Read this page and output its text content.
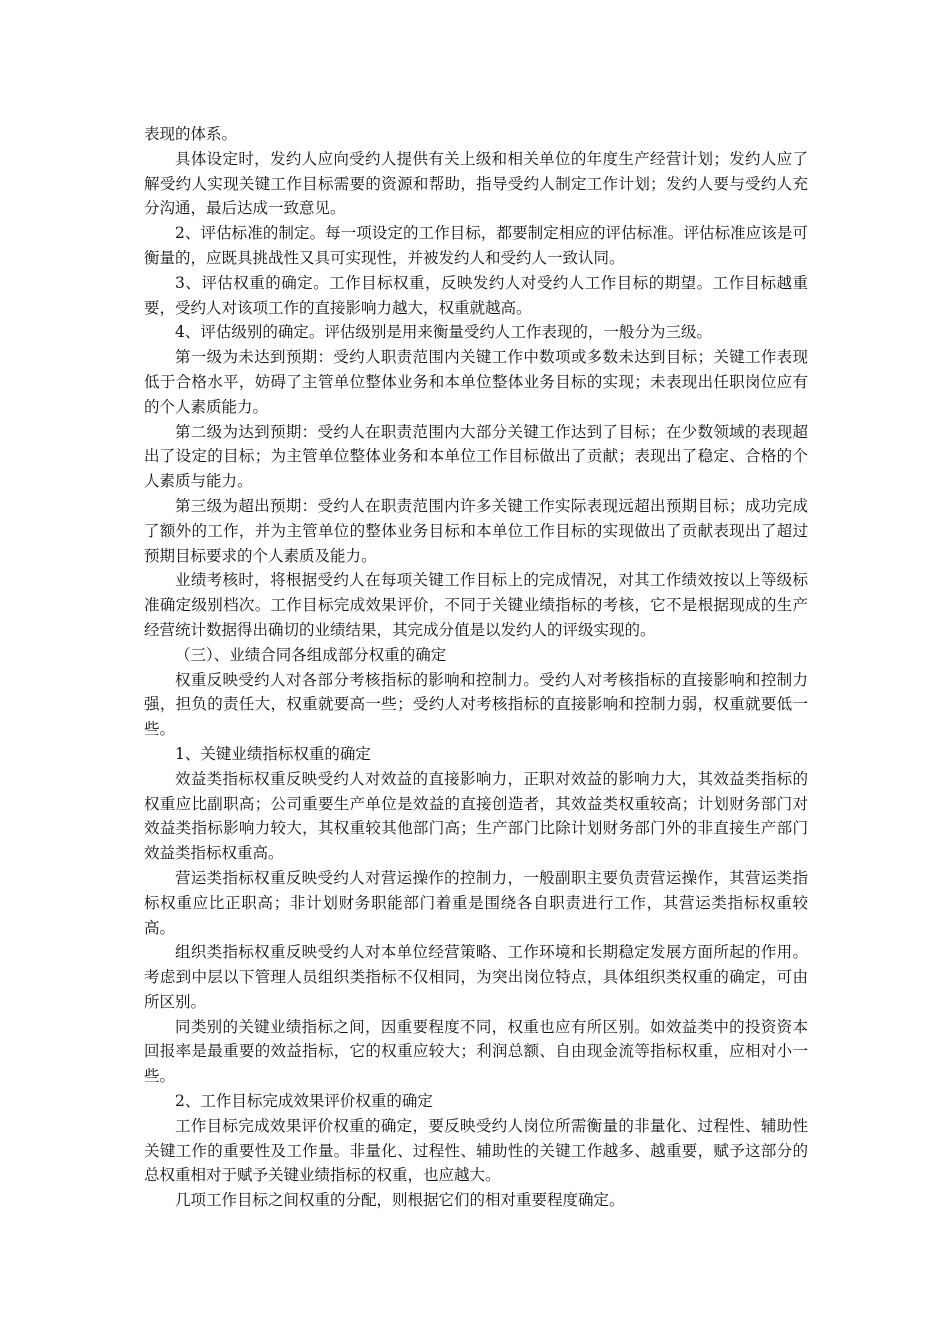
表现的体系。

具体设定时，发约人应向受约人提供有关上级和相关单位的年度生产经营计划；发约人应了解受约人实现关键工作目标需要的资源和帮助，指导受约人制定工作计划；发约人要与受约人充分沟通，最后达成一致意见。

2、评估标准的制定。每一项设定的工作目标，都要制定相应的评估标准。评估标准应该是可衡量的，应既具挑战性又具可实现性，并被发约人和受约人一致认同。

3、评估权重的确定。工作目标权重，反映发约人对受约人工作目标的期望。工作目标越重要，受约人对该项工作的直接影响力越大，权重就越高。

4、评估级别的确定。评估级别是用来衡量受约人工作表现的，一般分为三级。

第一级为未达到预期：受约人职责范围内关键工作中数项或多数未达到目标；关键工作表现低于合格水平，妨碍了主管单位整体业务和本单位整体业务目标的实现；未表现出任职岗位应有的个人素质能力。

第二级为达到预期：受约人在职责范围内大部分关键工作达到了目标；在少数领域的表现超出了设定的目标；为主管单位整体业务和本单位工作目标做出了贡献；表现出了稳定、合格的个人素质与能力。

第三级为超出预期：受约人在职责范围内许多关键工作实际表现远超出预期目标；成功完成了额外的工作，并为主管单位的整体业务目标和本单位工作目标的实现做出了贡献表现出了超过预期目标要求的个人素质及能力。

业绩考核时，将根据受约人在每项关键工作目标上的完成情况，对其工作绩效按以上等级标准确定级别档次。工作目标完成效果评价，不同于关键业绩指标的考核，它不是根据现成的生产经营统计数据得出确切的业绩结果，其完成分值是以发约人的评级实现的。

（三）、业绩合同各组成部分权重的确定

权重反映受约人对各部分考核指标的影响和控制力。受约人对考核指标的直接影响和控制力强，担负的责任大，权重就要高一些；受约人对考核指标的直接影响和控制力弱，权重就要低一些。

1、关键业绩指标权重的确定

效益类指标权重反映受约人对效益的直接影响力，正职对效益的影响力大，其效益类指标的权重应比副职高；公司重要生产单位是效益的直接创造者，其效益类权重较高；计划财务部门对效益类指标影响力较大，其权重较其他部门高；生产部门比除计划财务部门外的非直接生产部门效益类指标权重高。

营运类指标权重反映受约人对营运操作的控制力，一般副职主要负责营运操作，其营运类指标权重应比正职高；非计划财务职能部门着重是围绕各自职责进行工作，其营运类指标权重较高。

组织类指标权重反映受约人对本单位经营策略、工作环境和长期稳定发展方面所起的作用。考虑到中层以下管理人员组织类指标不仅相同，为突出岗位特点，具体组织类权重的确定，可由所区别。

同类别的关键业绩指标之间，因重要程度不同，权重也应有所区别。如效益类中的投资资本回报率是最重要的效益指标，它的权重应较大；利润总额、自由现金流等指标权重，应相对小一些。

2、工作目标完成效果评价权重的确定

工作目标完成效果评价权重的确定，要反映受约人岗位所需衡量的非量化、过程性、辅助性关键工作的重要性及工作量。非量化、过程性、辅助性的关键工作越多、越重要，赋予这部分的总权重相对于赋予关键业绩指标的权重，也应越大。

几项工作目标之间权重的分配，则根据它们的相对重要程度确定。
